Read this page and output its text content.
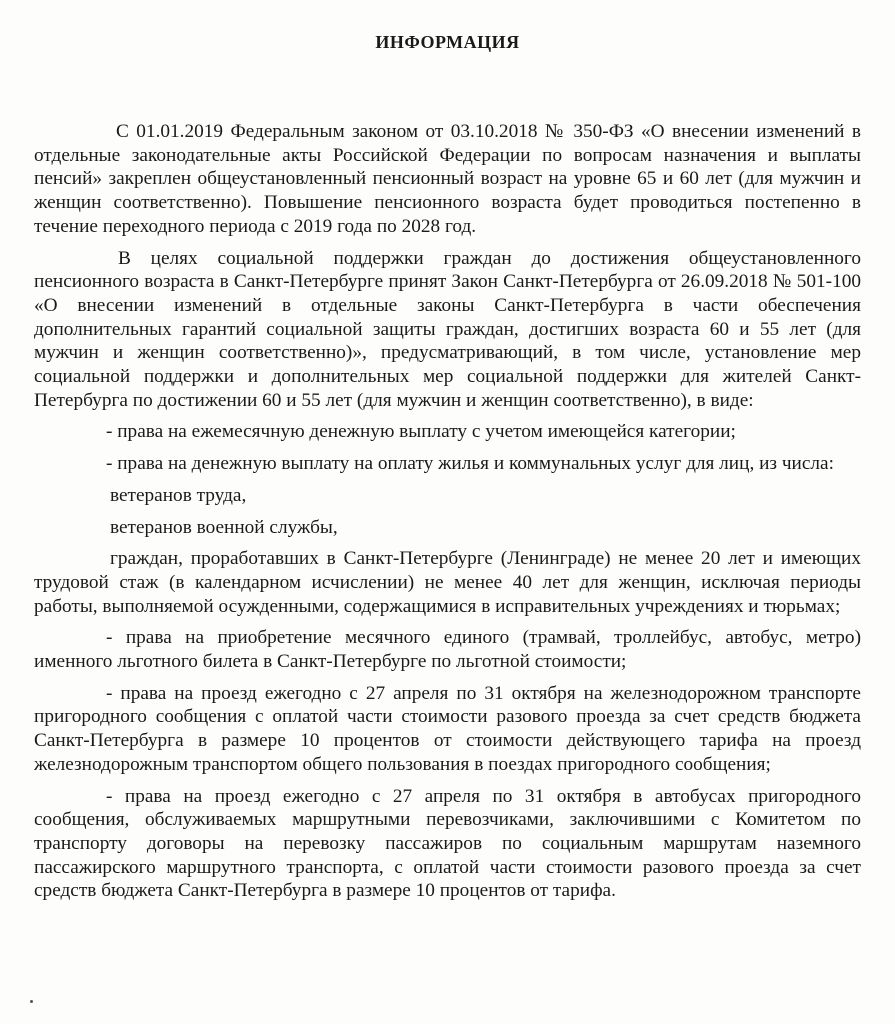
ИНФОРМАЦИЯ

С 01.01.2019 Федеральным законом от 03.10.2018 № 350-ФЗ «О внесении изменений в отдельные законодательные акты Российской Федерации по вопросам назначения и выплаты пенсий» закреплен общеустановленный пенсионный возраст на уровне 65 и 60 лет (для мужчин и женщин соответственно). Повышение пенсионного возраста будет проводиться постепенно в течение переходного периода с 2019 года по 2028 год.

В целях социальной поддержки граждан до достижения общеустановленного пенсионного возраста в Санкт-Петербурге принят Закон Санкт-Петербурга от 26.09.2018 № 501-100 «О внесении изменений в отдельные законы Санкт-Петербурга в части обеспечения дополнительных гарантий социальной защиты граждан, достигших возраста 60 и 55 лет (для мужчин и женщин соответственно)», предусматривающий, в том числе, установление мер социальной поддержки и дополнительных мер социальной поддержки для жителей Санкт-Петербурга по достижении 60 и 55 лет (для мужчин и женщин соответственно), в виде:

- права на ежемесячную денежную выплату с учетом имеющейся категории;

- права на денежную выплату на оплату жилья и коммунальных услуг для лиц, из числа:

ветеранов труда,

ветеранов военной службы,

граждан, проработавших в Санкт-Петербурге (Ленинграде) не менее 20 лет и имеющих трудовой стаж (в календарном исчислении) не менее 40 лет для женщин, исключая периоды работы, выполняемой осужденными, содержащимися в исправительных учреждениях и тюрьмах;

- права на приобретение месячного единого (трамвай, троллейбус, автобус, метро) именного льготного билета в Санкт-Петербурге по льготной стоимости;

- права на проезд ежегодно с 27 апреля по 31 октября на железнодорожном транспорте пригородного сообщения с оплатой части стоимости разового проезда за счет средств бюджета Санкт-Петербурга в размере 10 процентов от стоимости действующего тарифа на проезд железнодорожным транспортом общего пользования в поездах пригородного сообщения;

- права на проезд ежегодно с 27 апреля по 31 октября в автобусах пригородного сообщения, обслуживаемых маршрутными перевозчиками, заключившими с Комитетом по транспорту договоры на перевозку пассажиров по социальным маршрутам наземного пассажирского маршрутного транспорта, с оплатой части стоимости разового проезда за счет средств бюджета Санкт-Петербурга в размере 10 процентов от тарифа.
